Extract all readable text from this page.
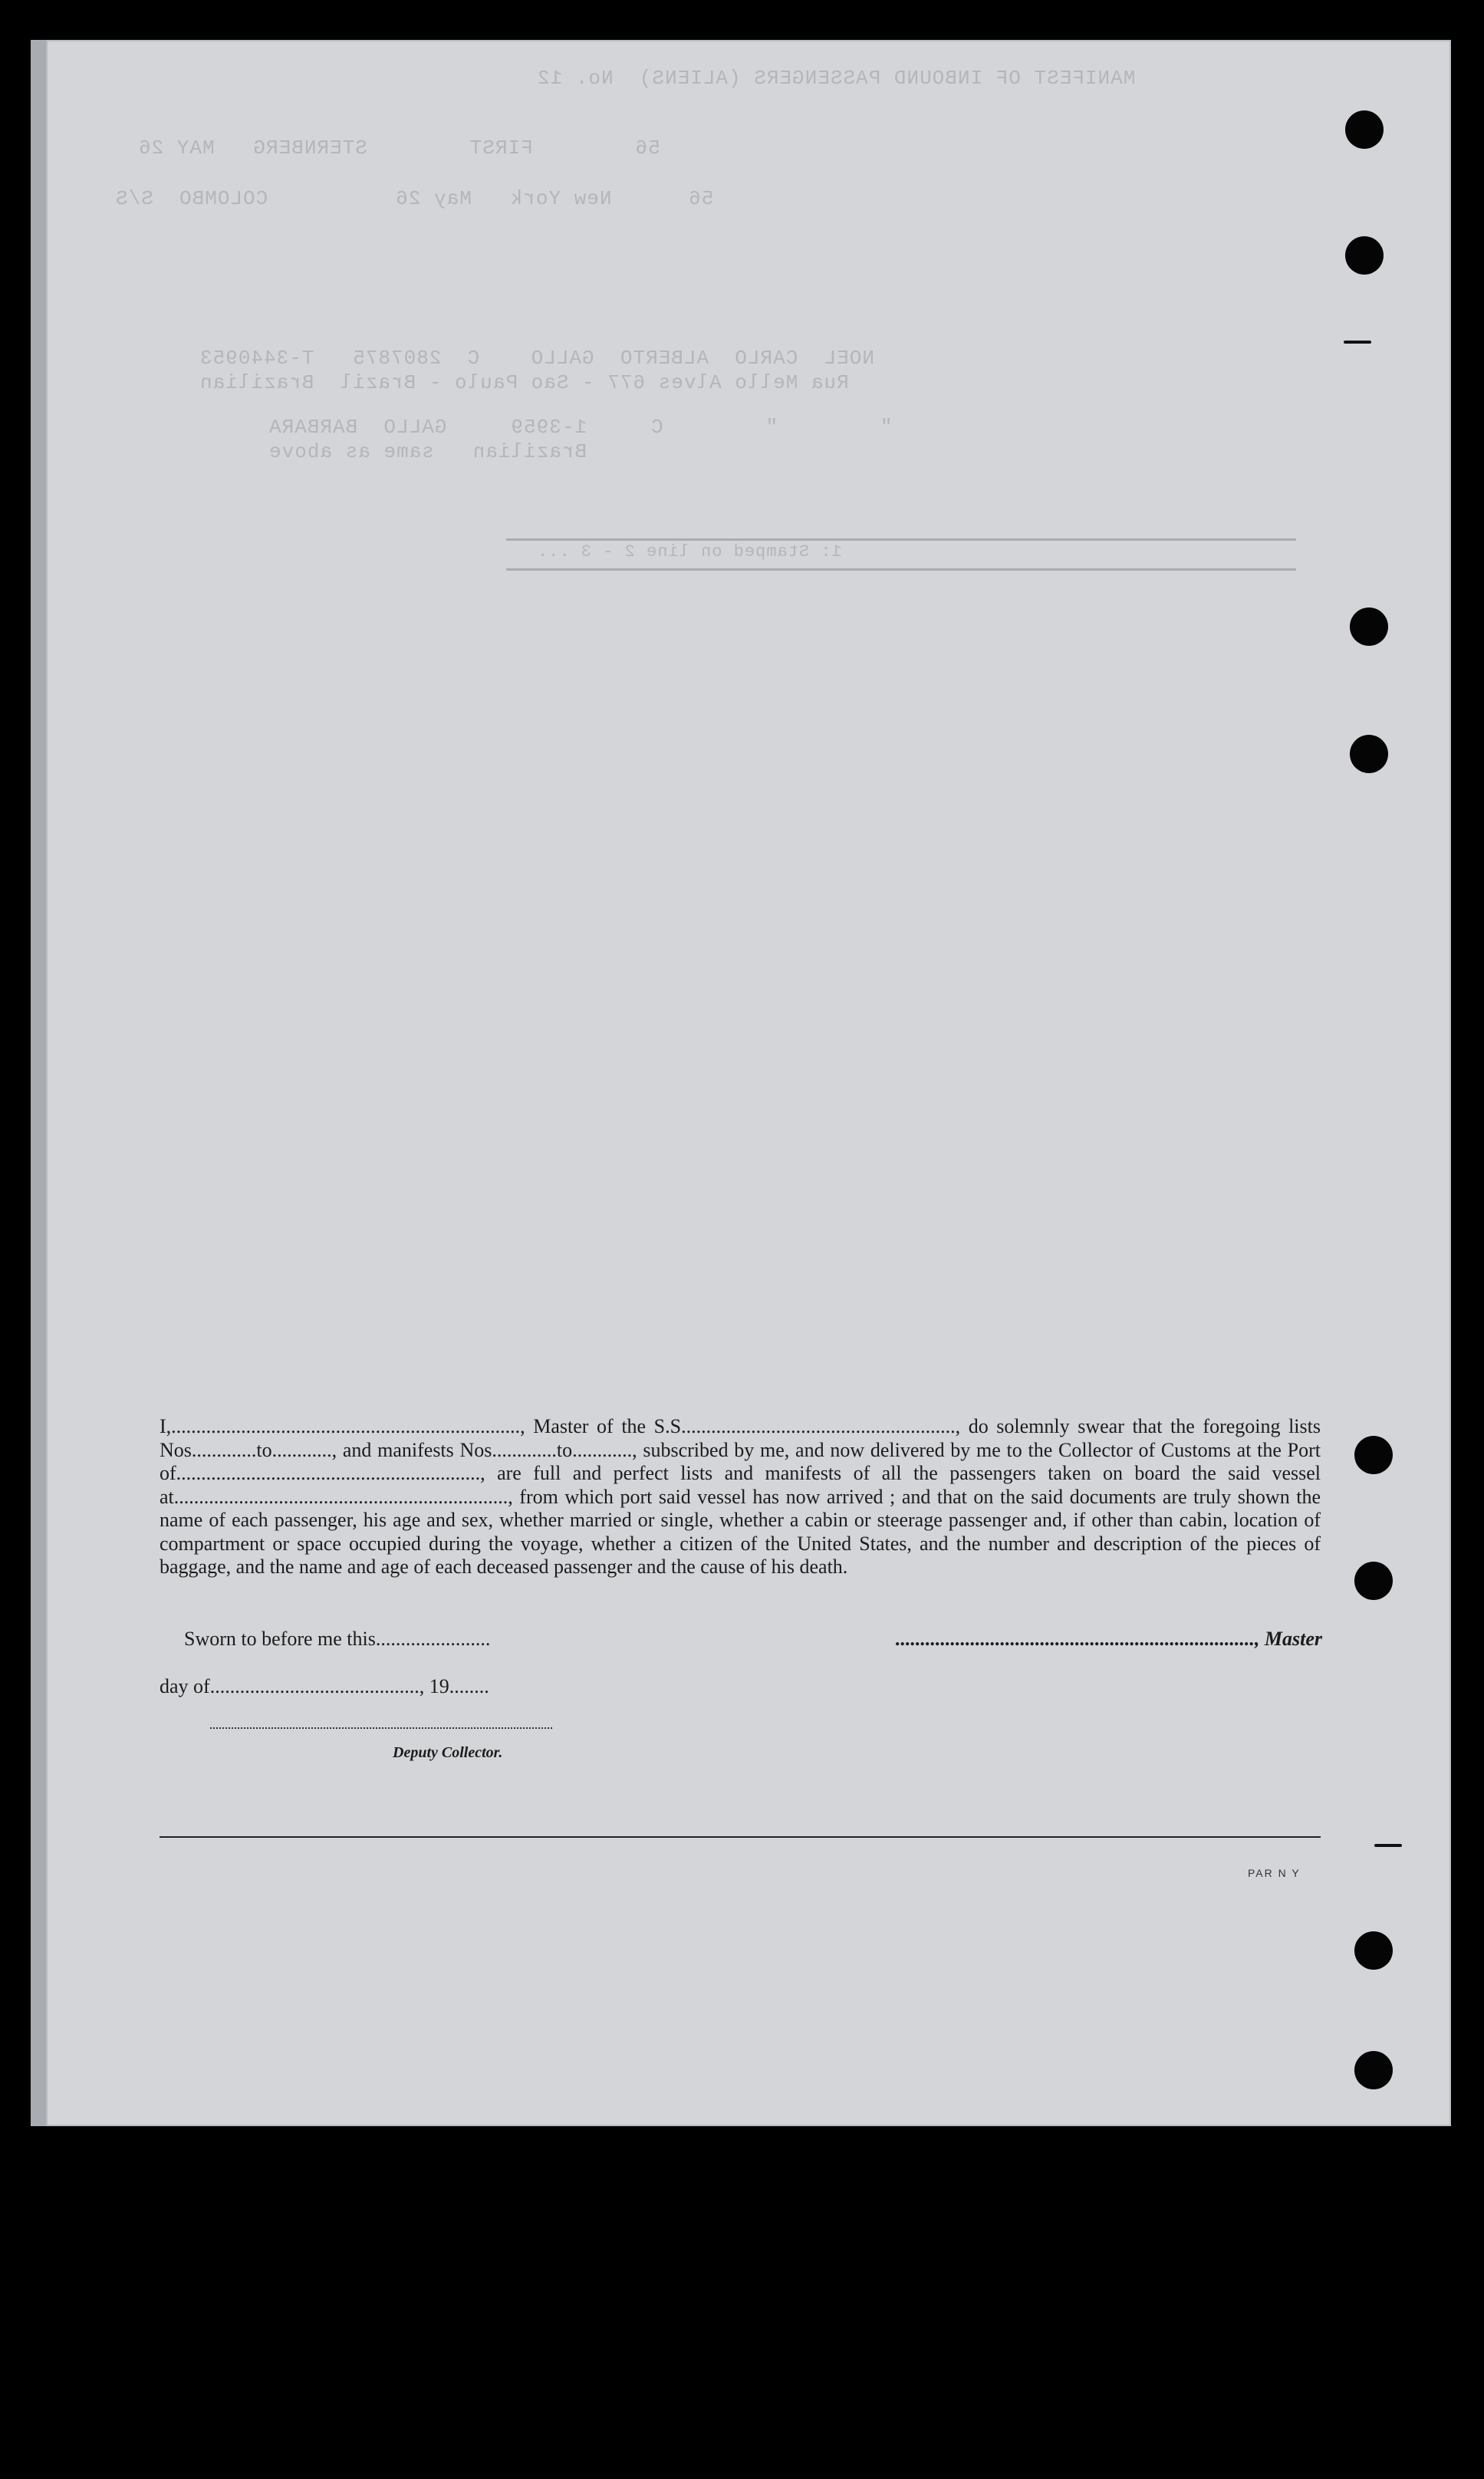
MANIFEST OF INBOUND PASSENGERS (ALIENS)  No. 12
56        FIRST        STERNBERG   MAY 26
56      New York   May 26          COLOMBO  S/S
NOEL  CARLO  ALBERTO  GALLO    C  2807875   T-3440953
Rua Mello Alves 677 - Sao Paulo - Brazil  Brazilian
"        "        C     1-3959     GALLO  BARBARA
Brazilian   same as above
1: Stamped on line 2 - 3 ...

I,......................................................................, Master of the S.S......................................................., do solemnly swear that the foregoing lists Nos.............to............, and manifests Nos.............to............, subscribed by me, and now delivered by me to the Collector of Customs at the Port of............................................................., are full and perfect lists and manifests of all the passengers taken on board the said vessel at..................................................................., from which port said vessel has now arrived ; and that on the said documents are truly shown the name of each passenger, his age and sex, whether married or single, whether a cabin or steerage passenger and, if other than cabin, location of compartment or space occupied during the voyage, whether a citizen of the United States, and the number and description of the pieces of baggage, and the name and age of each deceased passenger and the cause of his death.

Sworn to before me this.......................	........................................................................, Master
day of.........................................., 19........
Deputy Collector.
PAR N Y
